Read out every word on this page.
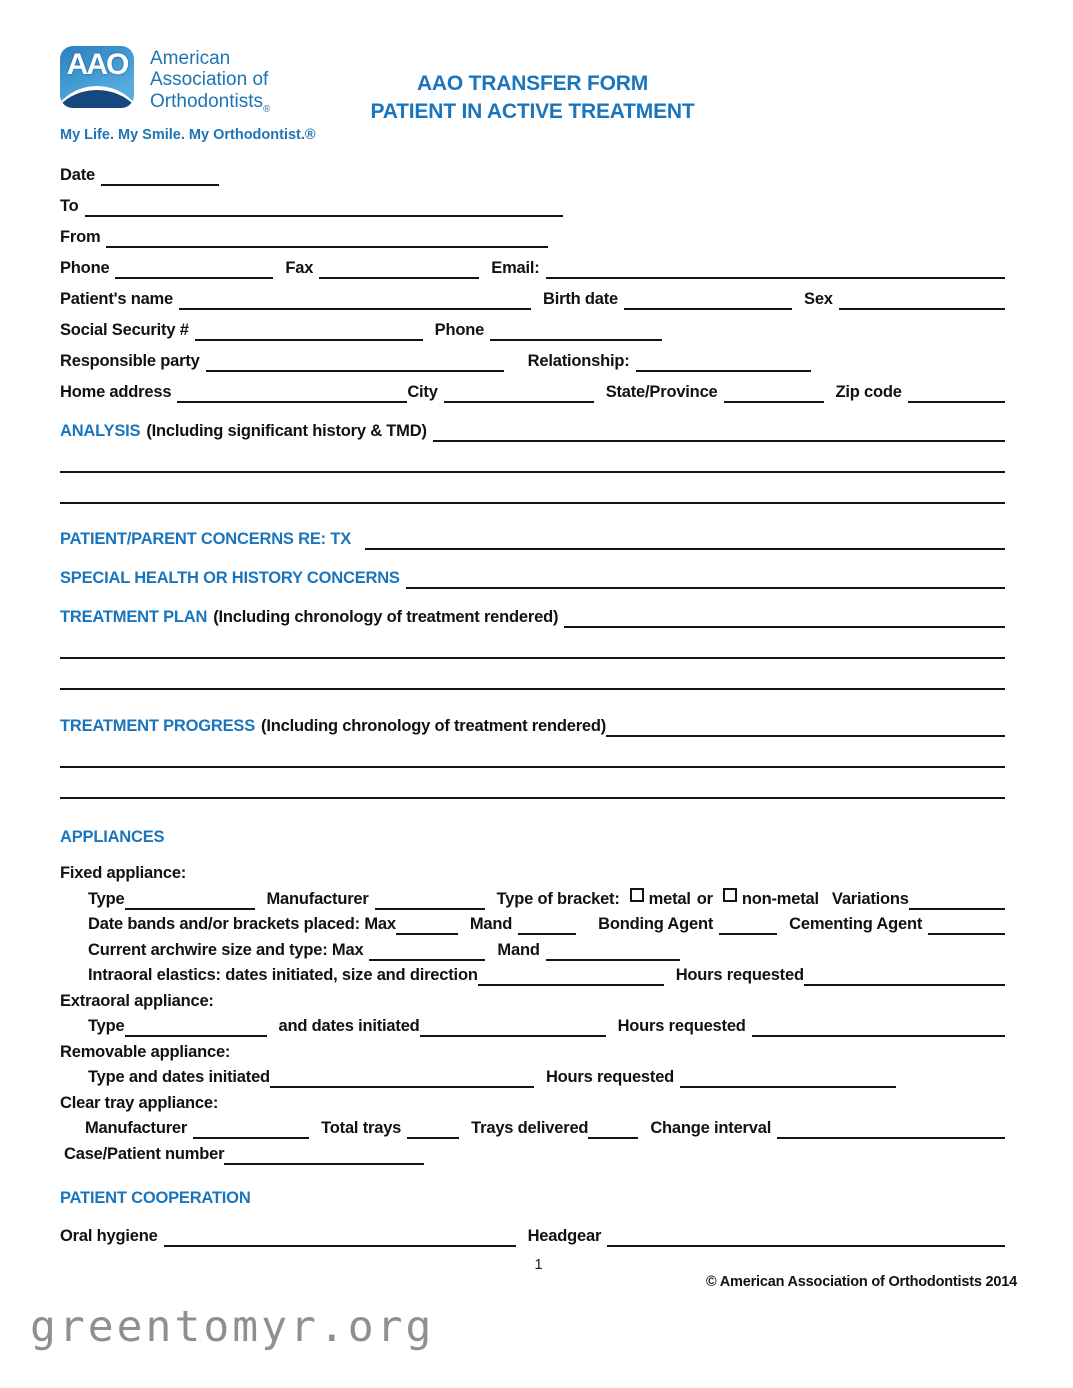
AAO	American
Association of
Orthodontists$_®$
My Life. My Smile. My Orthodontist.®
AAO TRANSFER FORM
PATIENT IN ACTIVE TREATMENT
Date
To
From
Phone	Fax	Email:
Patient's name	Birth date	Sex
Social Security #	Phone
Responsible party	Relationship:
Home address	City	State/Province	Zip code
ANALYSIS (Including significant history & TMD)
PATIENT/PARENT CONCERNS RE: TX
SPECIAL HEALTH OR HISTORY CONCERNS
TREATMENT PLAN (Including chronology of treatment rendered)
TREATMENT PROGRESS (Including chronology of treatment rendered)
APPLIANCES
Fixed appliance:
Type	Manufacturer	Type of bracket: metal or non-metal Variations
Date bands and/or brackets placed: Max	Mand	Bonding Agent	Cementing Agent
Current archwire size and type: Max	Mand
Intraoral elastics: dates initiated, size and direction	Hours requested
Extraoral appliance:
Type	and dates initiated	Hours requested
Removable appliance:
Type and dates initiated	Hours requested
Clear tray appliance:
Manufacturer	Total trays	Trays delivered	Change interval
Case/Patient number
PATIENT COOPERATION
Oral hygiene	Headgear
1
© American Association of Orthodontists 2014
greentomyr.org
